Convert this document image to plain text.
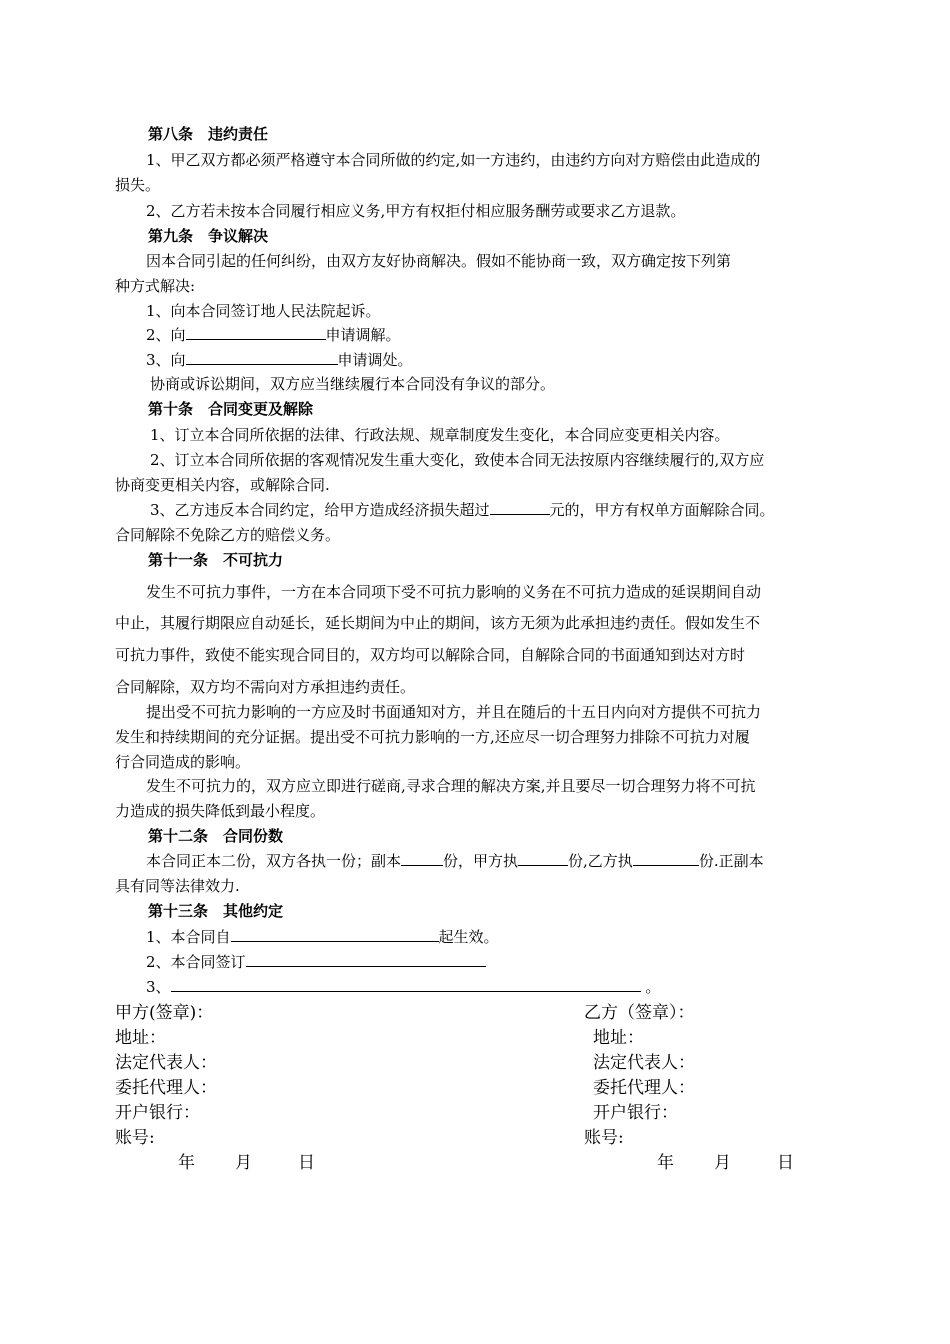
第八条　违约责任
1、甲乙双方都必须严格遵守本合同所做的约定,如一方违约，由违约方向对方赔偿由此造成的
损失。
2、乙方若未按本合同履行相应义务,甲方有权拒付相应服务酬劳或要求乙方退款。
第九条　争议解决
因本合同引起的任何纠纷，由双方友好协商解决。假如不能协商一致，双方确定按下列第
种方式解决:
1、向本合同签订地人民法院起诉。
2、向	申请调解。
3、向	申请调处。
协商或诉讼期间，双方应当继续履行本合同没有争议的部分。
第十条　合同变更及解除
1、订立本合同所依据的法律、行政法规、规章制度发生变化，本合同应变更相关内容。
2、订立本合同所依据的客观情况发生重大变化，致使本合同无法按原内容继续履行的,双方应
协商变更相关内容，或解除合同.
3、乙方违反本合同约定，给甲方造成经济损失超过	元的，甲方有权单方面解除合同。
合同解除不免除乙方的赔偿义务。
第十一条　不可抗力
发生不可抗力事件，一方在本合同项下受不可抗力影响的义务在不可抗力造成的延误期间自动
中止，其履行期限应自动延长，延长期间为中止的期间，该方无须为此承担违约责任。假如发生不
可抗力事件，致使不能实现合同目的，双方均可以解除合同，自解除合同的书面通知到达对方时
合同解除，双方均不需向对方承担违约责任。
提出受不可抗力影响的一方应及时书面通知对方，并且在随后的十五日内向对方提供不可抗力
发生和持续期间的充分证据。提出受不可抗力影响的一方,还应尽一切合理努力排除不可抗力对履
行合同造成的影响。
发生不可抗力的，双方应立即进行磋商,寻求合理的解决方案,并且要尽一切合理努力将不可抗
力造成的损失降低到最小程度。
第十二条　合同份数
本合同正本二份，双方各执一份；副本	份，甲方执	份,乙方执	份.正副本
具有同等法律效力.
第十三条　其他约定
1、本合同自	起生效。
2、本合同签订
3、	。
甲方(签章)：
地址：
法定代表人：
委托代理人：
开户银行：
账号:
年 月	日
乙方（签章）：
地址：
法定代表人：
委托代理人：
开户银行：
账号:
年 月	日
